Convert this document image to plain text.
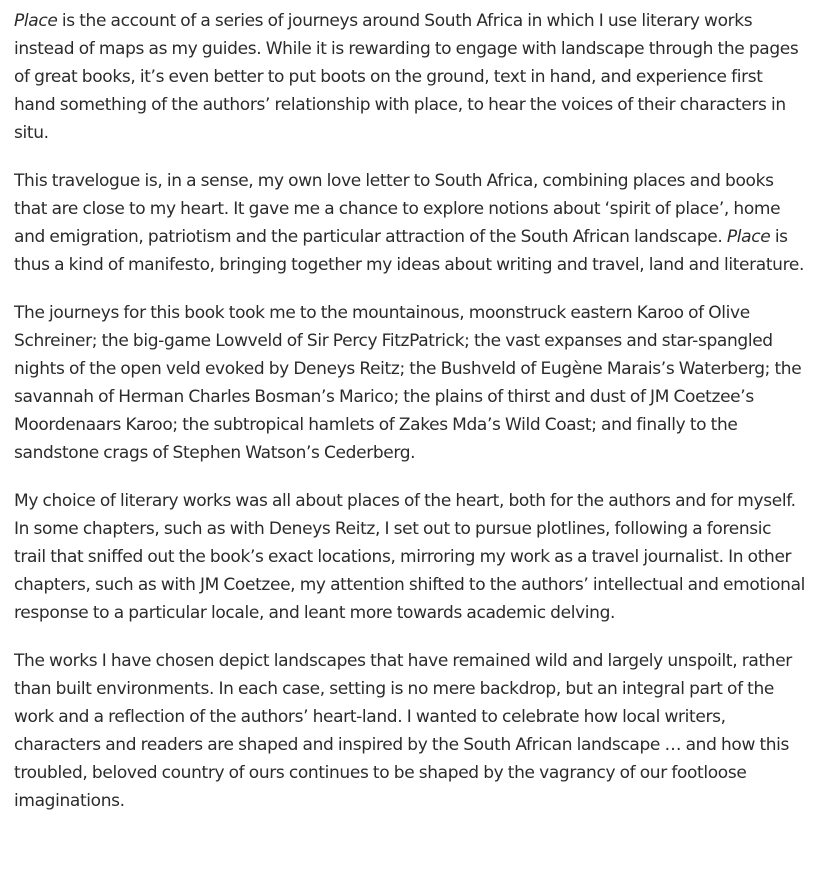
Place is the account of a series of journeys around South Africa in which I use literary works instead of maps as my guides. While it is rewarding to engage with landscape through the pages of great books, it’s even better to put boots on the ground, text in hand, and experience first hand something of the authors’ relationship with place, to hear the voices of their characters in situ.

This travelogue is, in a sense, my own love letter to South Africa, combining places and books that are close to my heart. It gave me a chance to explore notions about ‘spirit of place’, home and emigration, patriotism and the particular attraction of the South African landscape. Place is thus a kind of manifesto, bringing together my ideas about writing and travel, land and literature.

The journeys for this book took me to the mountainous, moonstruck eastern Karoo of Olive Schreiner; the big-game Lowveld of Sir Percy FitzPatrick; the vast expanses and star-spangled nights of the open veld evoked by Deneys Reitz; the Bushveld of Eugène Marais’s Waterberg; the savannah of Herman Charles Bosman’s Marico; the plains of thirst and dust of JM Coetzee’s Moordenaars Karoo; the subtropical hamlets of Zakes Mda’s Wild Coast; and finally to the sandstone crags of Stephen Watson’s Cederberg.

My choice of literary works was all about places of the heart, both for the authors and for myself. In some chapters, such as with Deneys Reitz, I set out to pursue plotlines, following a forensic trail that sniffed out the book’s exact locations, mirroring my work as a travel journalist. In other chapters, such as with JM Coetzee, my attention shifted to the authors’ intellectual and emotional response to a particular locale, and leant more towards academic delving.

The works I have chosen depict landscapes that have remained wild and largely unspoilt, rather than built environments. In each case, setting is no mere backdrop, but an integral part of the work and a reflection of the authors’ heart-land. I wanted to celebrate how local writers, characters and readers are shaped and inspired by the South African landscape … and how this troubled, beloved country of ours continues to be shaped by the vagrancy of our footloose imaginations.
